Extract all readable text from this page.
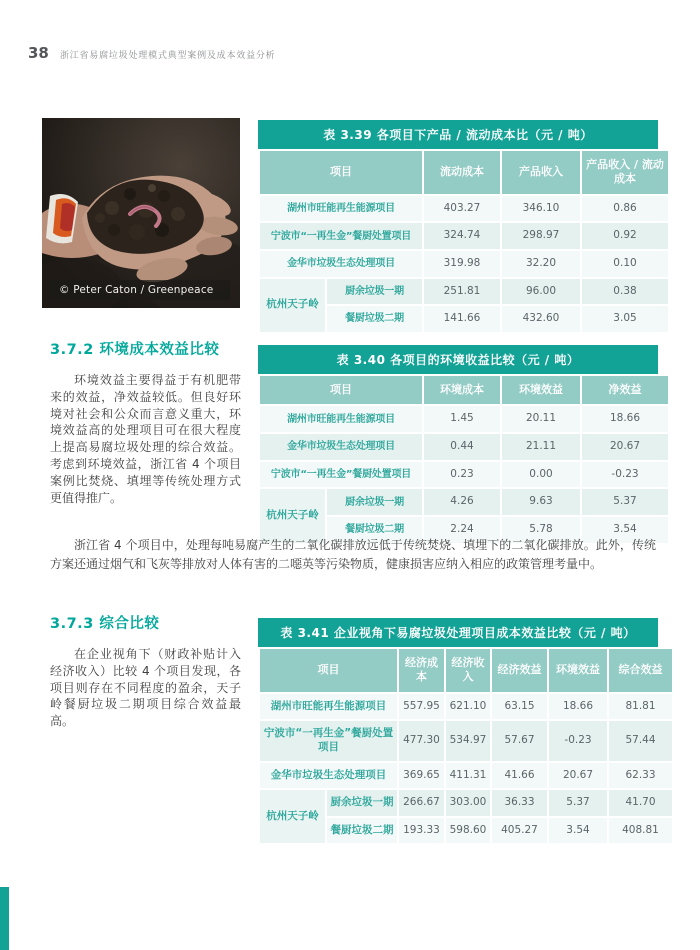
38 浙江省易腐垃圾处理模式典型案例及成本效益分析
© Peter Caton / Greenpeace
表 3.39 各项目下产品 / 流动成本比（元 / 吨）
项目		流动成本	产品收入	产品收入 / 流动成本
湖州市旺能再生能源项目		403.27	346.10	0.86
宁波市“一再生金”餐厨处置项目		324.74	298.97	0.92
金华市垃圾生态处理项目		319.98	32.20	0.10
杭州天子岭	厨余垃圾一期	251.81	96.00	0.38
	餐厨垃圾二期	141.66	432.60	3.05
3.7.2 环境成本效益比较

环境效益主要得益于有机肥带来的效益，净效益较低。但良好环境对社会和公众而言意义重大，环境效益高的处理项目可在很大程度上提高易腐垃圾处理的综合效益。考虑到环境效益，浙江省 4 个项目案例比焚烧、填埋等传统处理方式更值得推广。

表 3.40 各项目的环境收益比较（元 / 吨）
项目		环境成本	环境效益	净效益
湖州市旺能再生能源项目		1.45	20.11	18.66
金华市垃圾生态处理项目		0.44	21.11	20.67
宁波市“一再生金”餐厨处置项目		0.23	0.00	-0.23
杭州天子岭	厨余垃圾一期	4.26	9.63	5.37
	餐厨垃圾二期	2.24	5.78	3.54

浙江省 4 个项目中，处理每吨易腐产生的二氧化碳排放远低于传统焚烧、填埋下的二氧化碳排放。此外，传统方案还通过烟气和飞灰等排放对人体有害的二噁英等污染物质，健康损害应纳入相应的政策管理考量中。

3.7.3 综合比较

在企业视角下（财政补贴计入经济收入）比较 4 个项目发现，各项目则存在不同程度的盈余，天子岭餐厨垃圾二期项目综合效益最高。

表 3.41 企业视角下易腐垃圾处理项目成本效益比较（元 / 吨）
项目		经济成本	经济收入	经济效益	环境效益	综合效益
湖州市旺能再生能源项目		557.95	621.10	63.15	18.66	81.81
宁波市“一再生金”餐厨处置项目		477.30	534.97	57.67	-0.23	57.44
金华市垃圾生态处理项目		369.65	411.31	41.66	20.67	62.33
杭州天子岭	厨余垃圾一期	266.67	303.00	36.33	5.37	41.70
	餐厨垃圾二期	193.33	598.60	405.27	3.54	408.81
